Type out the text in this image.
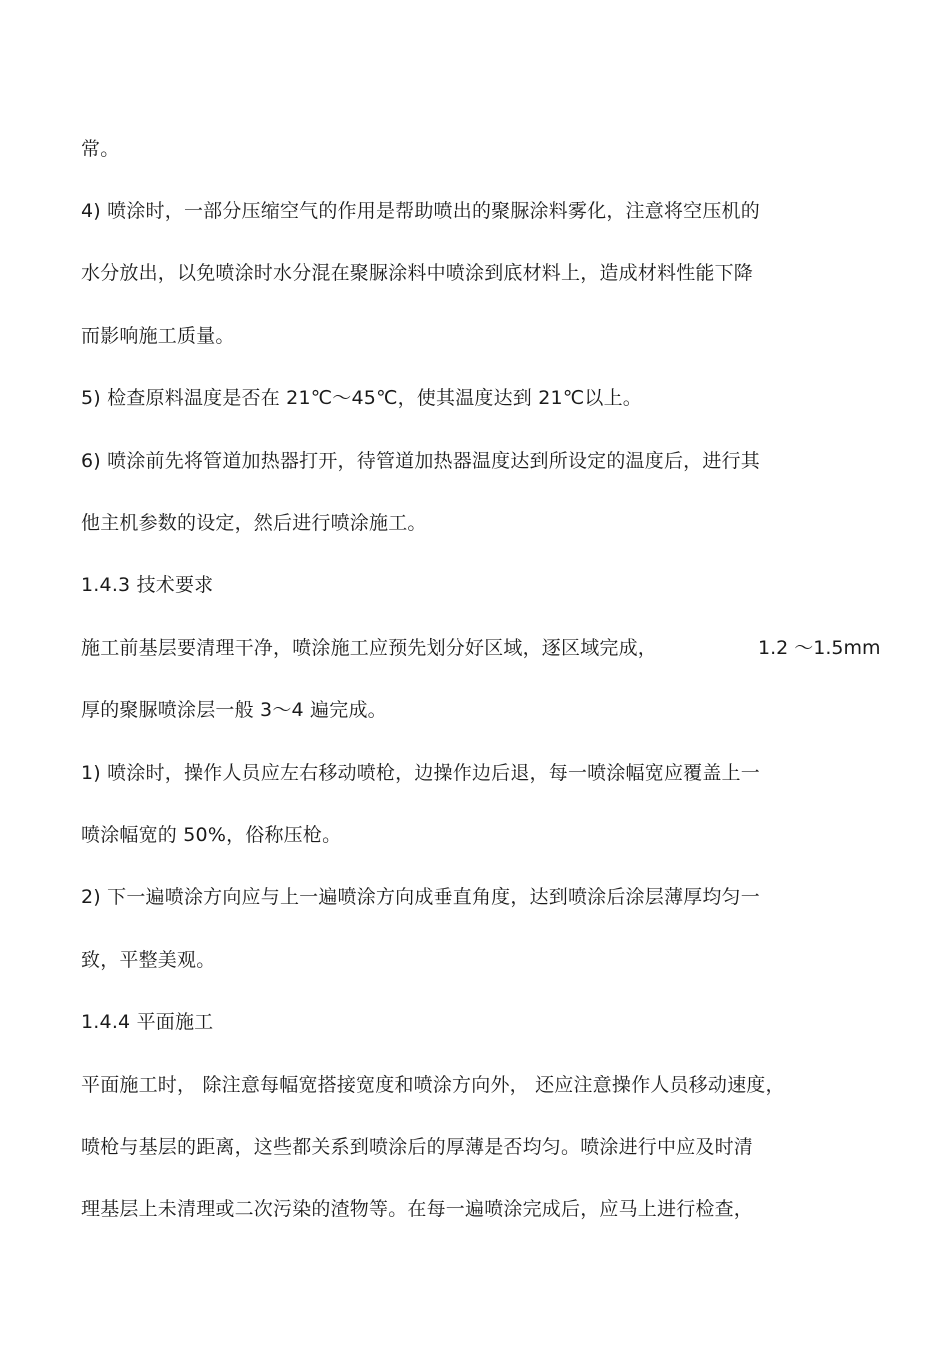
常。
4) 喷涂时，一部分压缩空气的作用是帮助喷出的聚脲涂料雾化，注意将空压机的
水分放出，以免喷涂时水分混在聚脲涂料中喷涂到底材料上，造成材料性能下降
而影响施工质量。
5) 检查原料温度是否在 21℃～45℃，使其温度达到 21℃以上。
6) 喷涂前先将管道加热器打开，待管道加热器温度达到所设定的温度后，进行其
他主机参数的设定，然后进行喷涂施工。
1.4.3 技术要求
施工前基层要清理干净，喷涂施工应预先划分好区域，逐区域完成，	1.2 ～1.5mm
厚的聚脲喷涂层一般 3～4 遍完成。
1) 喷涂时，操作人员应左右移动喷枪，边操作边后退，每一喷涂幅宽应覆盖上一
喷涂幅宽的 50%，俗称压枪。
2) 下一遍喷涂方向应与上一遍喷涂方向成垂直角度，达到喷涂后涂层薄厚均匀一
致，平整美观。
1.4.4 平面施工
平面施工时， 除注意每幅宽搭接宽度和喷涂方向外， 还应注意操作人员移动速度，
喷枪与基层的距离，这些都关系到喷涂后的厚薄是否均匀。喷涂进行中应及时清
理基层上未清理或二次污染的渣物等。在每一遍喷涂完成后，应马上进行检查，
